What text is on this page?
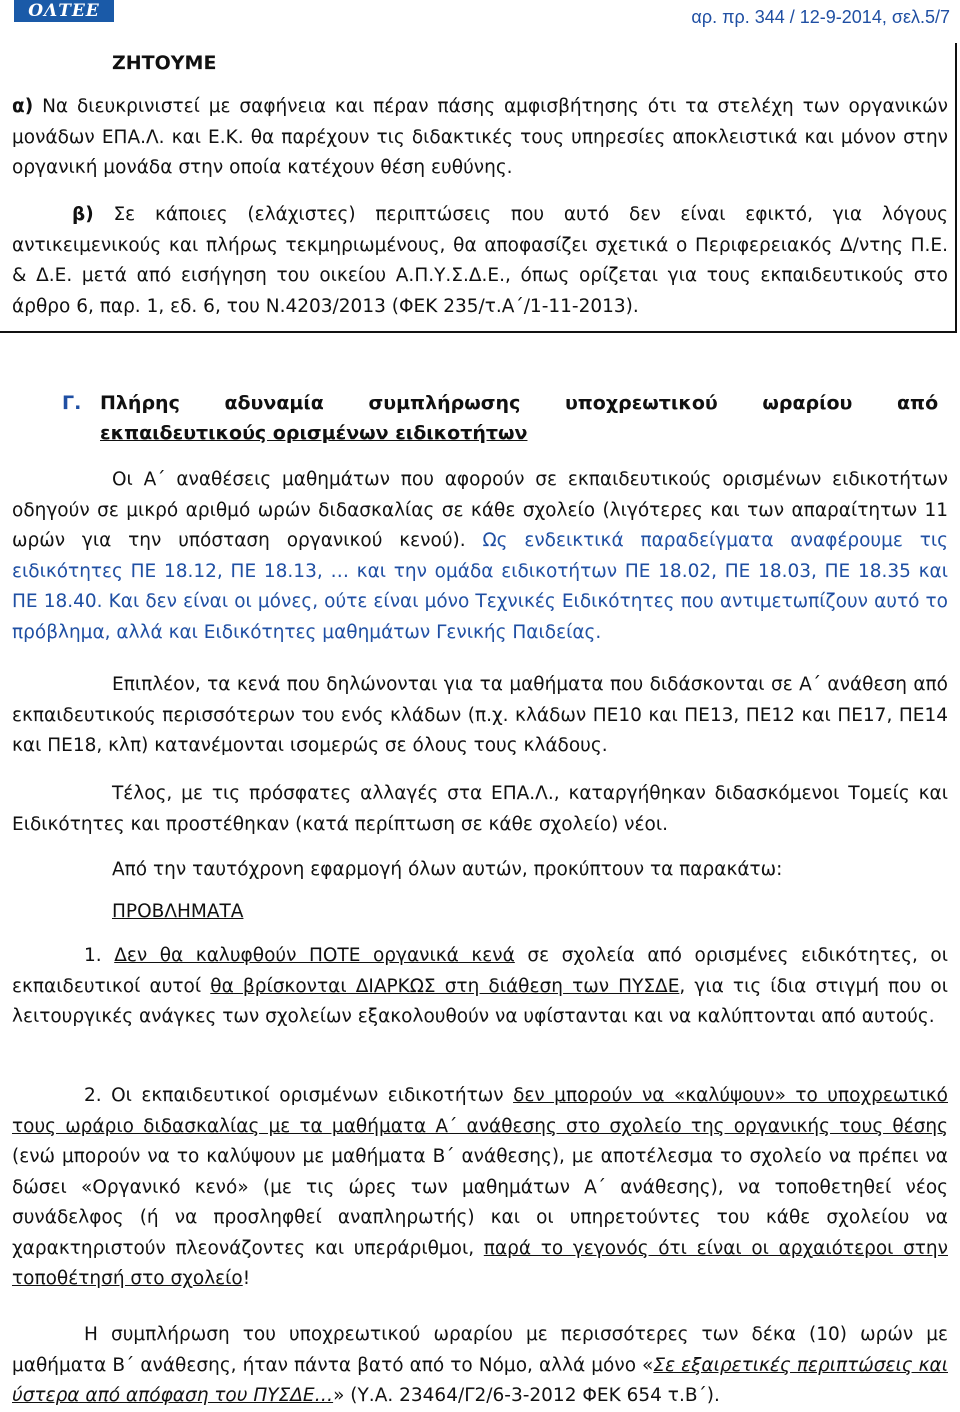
ΟΛΤΕΕ	αρ. πρ. 344 / 12-9-2014, σελ.5/7
ΖΗΤΟΥΜΕ
α) Να διευκρινιστεί με σαφήνεια και πέραν πάσης αμφισβήτησης ότι τα στελέχη των οργανικών μονάδων ΕΠΑ.Λ. και Ε.Κ. θα παρέχουν τις διδακτικές τους υπηρεσίες αποκλειστικά και μόνον στην οργανική μονάδα στην οποία κατέχουν θέση ευθύνης.
β) Σε κάποιες (ελάχιστες) περιπτώσεις που αυτό δεν είναι εφικτό, για λόγους αντικειμενικούς και πλήρως τεκμηριωμένους, θα αποφασίζει σχετικά ο Περιφερειακός Δ/ντης Π.Ε. & Δ.Ε. μετά από εισήγηση του οικείου Α.Π.Υ.Σ.Δ.Ε., όπως ορίζεται για τους εκπαιδευτικούς στο άρθρο 6, παρ. 1, εδ. 6, του Ν.4203/2013 (ΦΕΚ 235/τ.Α΄/1-11-2013).
Γ. Πλήρης αδυναμία συμπλήρωσης υποχρεωτικού ωραρίου από
εκπαιδευτικούς ορισμένων ειδικοτήτων
Οι Α΄ αναθέσεις μαθημάτων που αφορούν σε εκπαιδευτικούς ορισμένων ειδικοτήτων οδηγούν σε μικρό αριθμό ωρών διδασκαλίας σε κάθε σχολείο (λιγότερες και των απαραίτητων 11 ωρών για την υπόσταση οργανικού κενού). Ως ενδεικτικά παραδείγματα αναφέρουμε τις ειδικότητες ΠΕ 18.12, ΠΕ 18.13, … και την ομάδα ειδικοτήτων ΠΕ 18.02, ΠΕ 18.03, ΠΕ 18.35 και ΠΕ 18.40. Και δεν είναι οι μόνες, ούτε είναι μόνο Τεχνικές Ειδικότητες που αντιμετωπίζουν αυτό το πρόβλημα, αλλά και Ειδικότητες μαθημάτων Γενικής Παιδείας.
Επιπλέον, τα κενά που δηλώνονται για τα μαθήματα που διδάσκονται σε Α΄ ανάθεση από εκπαιδευτικούς περισσότερων του ενός κλάδων (π.χ. κλάδων ΠΕ10 και ΠΕ13, ΠΕ12 και ΠΕ17, ΠΕ14 και ΠΕ18, κλπ) κατανέμονται ισομερώς σε όλους τους κλάδους.
Τέλος, με τις πρόσφατες αλλαγές στα ΕΠΑ.Λ., καταργήθηκαν διδασκόμενοι Τομείς και Ειδικότητες και προστέθηκαν (κατά περίπτωση σε κάθε σχολείο) νέοι.
Από την ταυτόχρονη εφαρμογή όλων αυτών, προκύπτουν τα παρακάτω:
ΠΡΟΒΛΗΜΑΤΑ
1. Δεν θα καλυφθούν ΠΟΤΕ οργανικά κενά σε σχολεία από ορισμένες ειδικότητες, οι εκπαιδευτικοί αυτοί θα βρίσκονται ΔΙΑΡΚΩΣ στη διάθεση των ΠΥΣΔΕ, για τις ίδια στιγμή που οι λειτουργικές ανάγκες των σχολείων εξακολουθούν να υφίστανται και να καλύπτονται από αυτούς.
2. Οι εκπαιδευτικοί ορισμένων ειδικοτήτων δεν μπορούν να «καλύψουν» το υποχρεωτικό τους ωράριο διδασκαλίας με τα μαθήματα Α΄ ανάθεσης στο σχολείο της οργανικής τους θέσης (ενώ μπορούν να το καλύψουν με μαθήματα Β΄ ανάθεσης), με αποτέλεσμα το σχολείο να πρέπει να δώσει «Οργανικό κενό» (με τις ώρες των μαθημάτων Α΄ ανάθεσης), να τοποθετηθεί νέος συνάδελφος (ή να προσληφθεί αναπληρωτής) και οι υπηρετούντες του κάθε σχολείου να χαρακτηριστούν πλεονάζοντες και υπεράριθμοι, παρά το γεγονός ότι είναι οι αρχαιότεροι στην τοποθέτησή στο σχολείο!
Η συμπλήρωση του υποχρεωτικού ωραρίου με περισσότερες των δέκα (10) ωρών με μαθήματα Β΄ ανάθεσης, ήταν πάντα βατό από το Νόμο, αλλά μόνο «Σε εξαιρετικές περιπτώσεις και ύστερα από απόφαση του ΠΥΣΔΕ…» (Υ.Α. 23464/Γ2/6-3-2012 ΦΕΚ 654 τ.Β΄).
